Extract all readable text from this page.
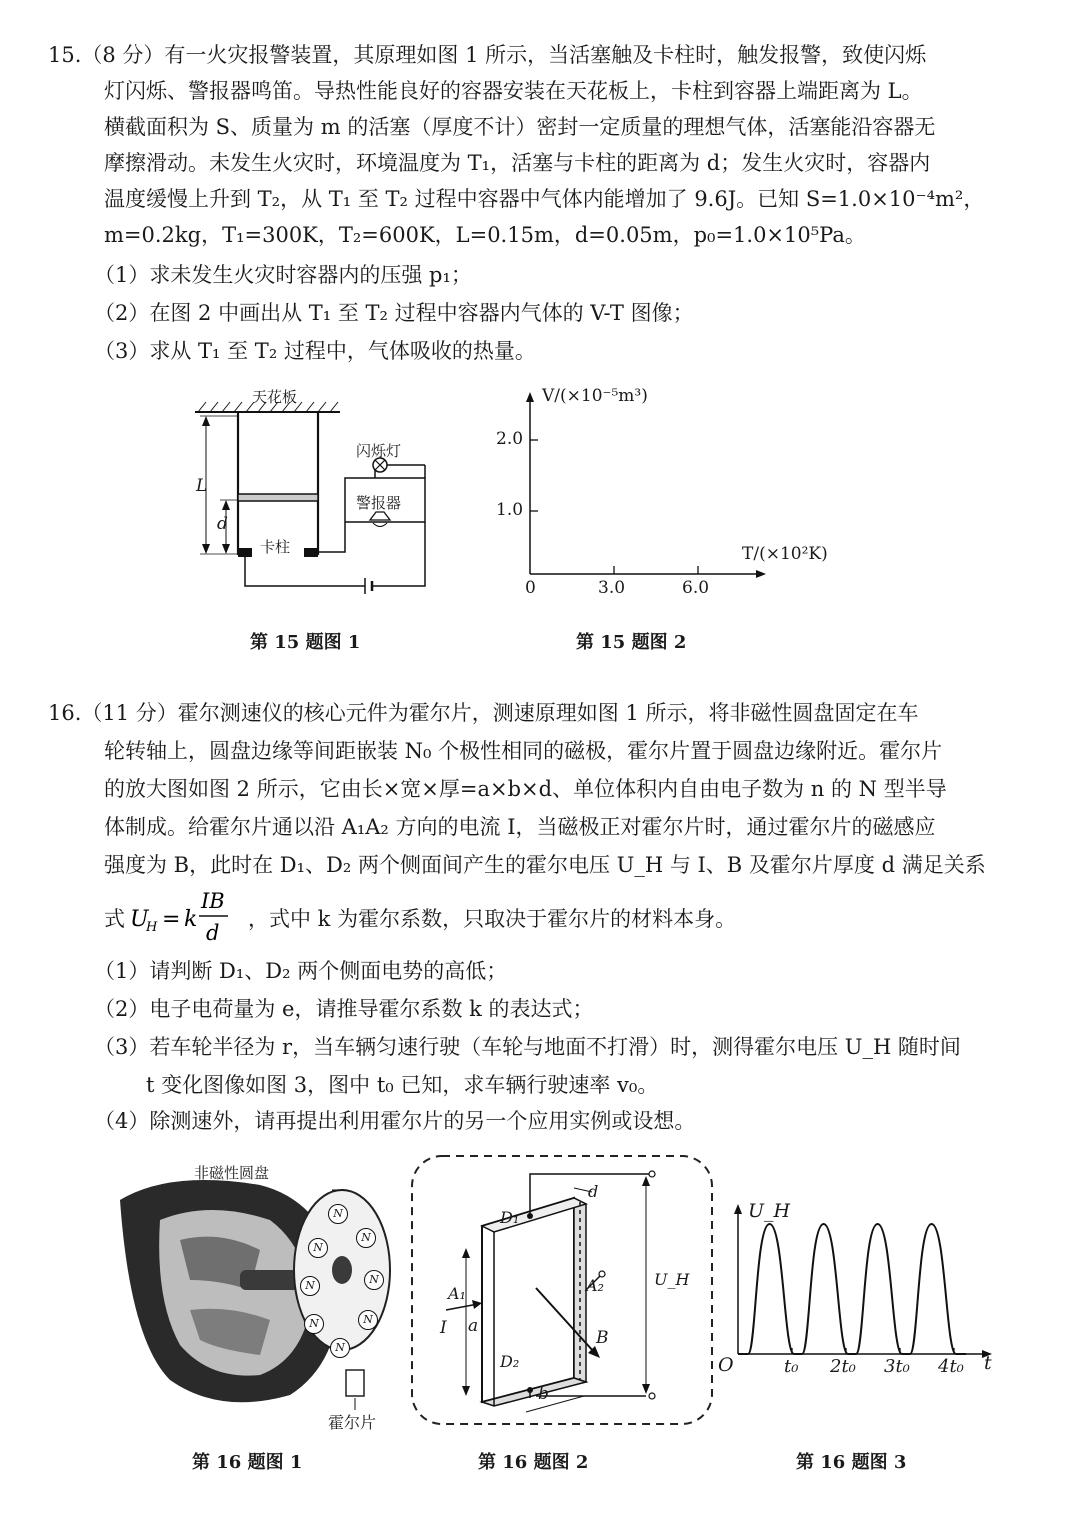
15.（8 分）有一火灾报警装置，其原理如图 1 所示，当活塞触及卡柱时，触发报警，致使闪烁
灯闪烁、警报器鸣笛。导热性能良好的容器安装在天花板上，卡柱到容器上端距离为 L。
横截面积为 S、质量为 m 的活塞（厚度不计）密封一定质量的理想气体，活塞能沿容器无
摩擦滑动。未发生火灾时，环境温度为 T₁，活塞与卡柱的距离为 d；发生火灾时，容器内
温度缓慢上升到 T₂，从 T₁ 至 T₂ 过程中容器中气体内能增加了 9.6J。已知 S=1.0×10⁻⁴m²，
m=0.2kg，T₁=300K，T₂=600K，L=0.15m，d=0.05m，p₀=1.0×10⁵Pa。
（1）求未发生火灾时容器内的压强 p₁；
（2）在图 2 中画出从 T₁ 至 T₂ 过程中容器内气体的 V-T 图像；
（3）求从 T₁ 至 T₂ 过程中，气体吸收的热量。
天花板
闪烁灯
警报器
L
d
卡柱
第 15 题图 1
V/(×10⁻⁵m³)
T/(×10²K)
2.0
1.0
3.0	6.0
0
第 15 题图 2
16.（11 分）霍尔测速仪的核心元件为霍尔片，测速原理如图 1 所示，将非磁性圆盘固定在车
轮转轴上，圆盘边缘等间距嵌装 N₀ 个极性相同的磁极，霍尔片置于圆盘边缘附近。霍尔片
的放大图如图 2 所示，它由长×宽×厚=a×b×d、单位体积内自由电子数为 n 的 N 型半导
体制成。给霍尔片通以沿 A₁A₂ 方向的电流 I，当磁极正对霍尔片时，通过霍尔片的磁感应
强度为 B，此时在 D₁、D₂ 两个侧面间产生的霍尔电压 U_H 与 I、B 及霍尔片厚度 d 满足关系
式 U
H = k
IB
d
，式中 k 为霍尔系数，只取决于霍尔片的材料本身。
（1）请判断 D₁、D₂ 两个侧面电势的高低；
（2）电子电荷量为 e，请推导霍尔系数 k 的表达式；
（3）若车轮半径为 r，当车辆匀速行驶（车轮与地面不打滑）时，测得霍尔电压 U_H 随时间
t 变化图像如图 3，图中 t₀ 已知，求车辆行驶速率 v₀。
（4）除测速外，请再提出利用霍尔片的另一个应用实例或设想。
非磁性圆盘
N
N
N
N	N
N	N
N
霍尔片
第 16 题图 1
D₁
D₂
A₁	A₂
I a
b
d
B
U_H
第 16 题图 2
U_H
t
O	t₀ 2t₀ 3t₀ 4t₀
第 16 题图 3
